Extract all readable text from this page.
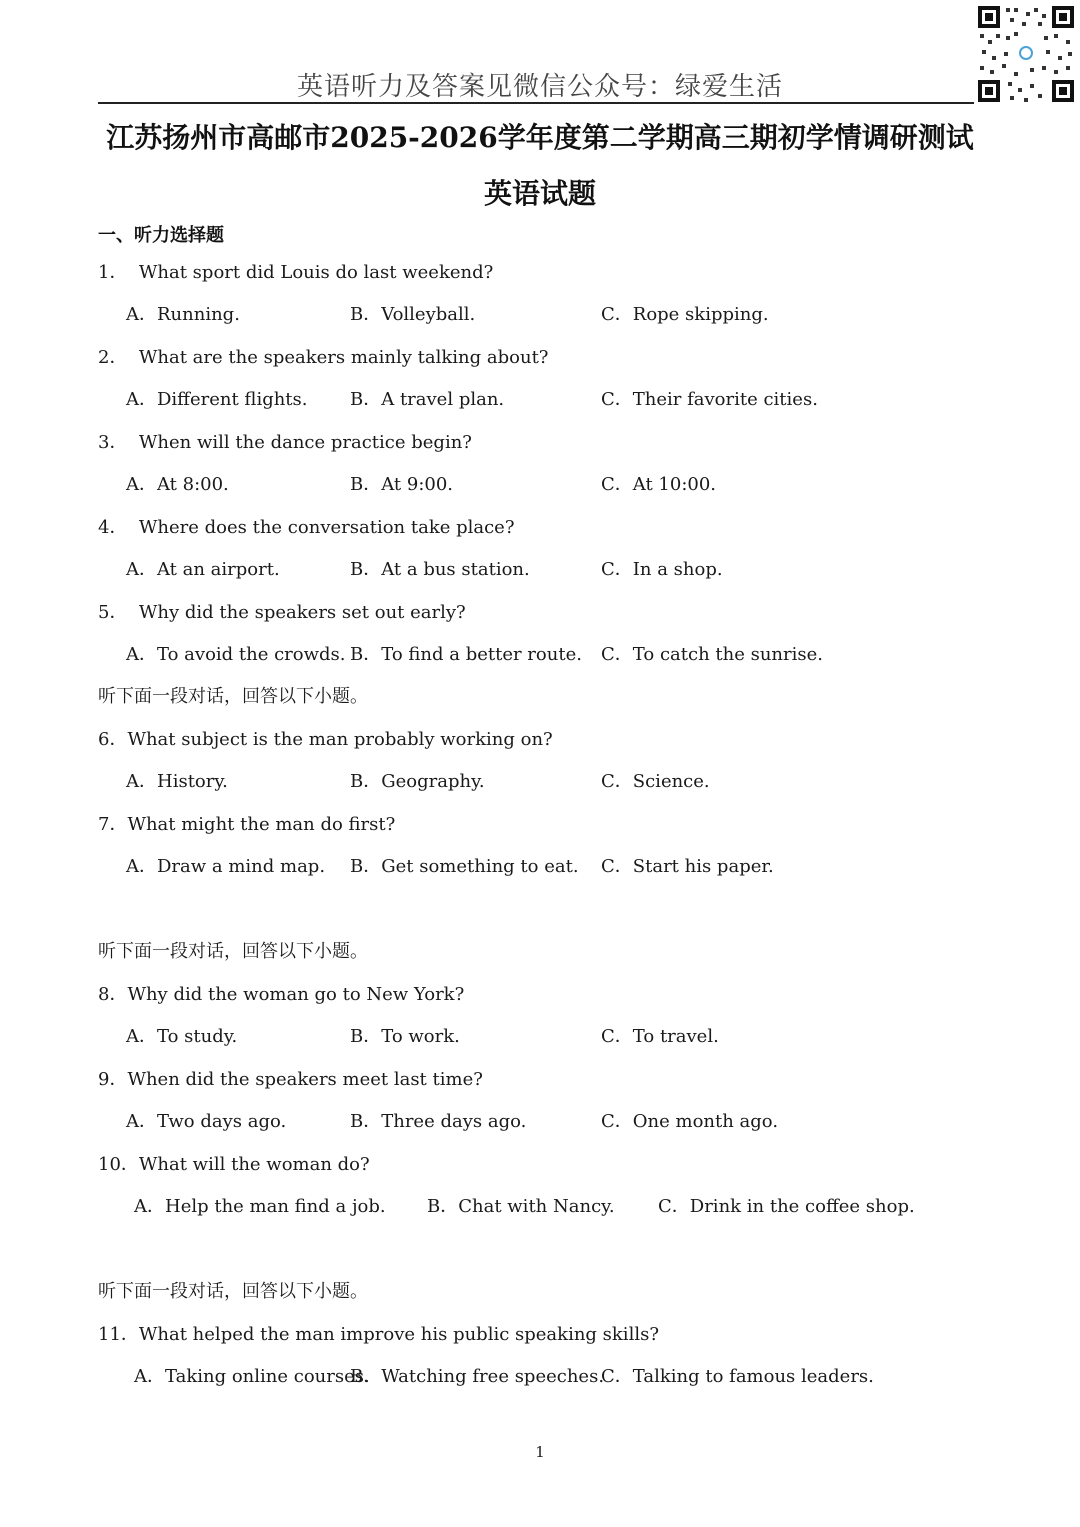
英语听力及答案见微信公众号：绿爱生活
江苏扬州市高邮市2025-2026学年度第二学期高三期初学情调研测试
英语试题
一、听力选择题
1． What sport did Louis do last weekend?
A．Running.	B．Volleyball.	C．Rope skipping.
2． What are the speakers mainly talking about?
A．Different flights. B．A travel plan.	C．Their favorite cities.
3． When will the dance practice begin?
A．At 8:00.	B．At 9:00.	C．At 10:00.
4． Where does the conversation take place?
A．At an airport.	B．At a bus station.	C．In a shop.
5． Why did the speakers set out early?
A．To avoid the crowds. B．To find a better route. C．To catch the sunrise.
听下面一段对话，回答以下小题。
6．What subject is the man probably working on?
A．History.	B．Geography.	C．Science.
7．What might the man do first?
A．Draw a mind map. B．Get something to eat. C．Start his paper.
听下面一段对话，回答以下小题。
8．Why did the woman go to New York?
A．To study.	B．To work.	C．To travel.
9．When did the speakers meet last time?
A．Two days ago.	B．Three days ago.	C．One month ago.
10．What will the woman do?
A．Help the man find a job. B．Chat with Nancy. C．Drink in the coffee shop.
听下面一段对话，回答以下小题。
11．What helped the man improve his public speaking skills?
A．Taking online courses.
B．Watching free speeches.
C．Talking to famous leaders.
1
